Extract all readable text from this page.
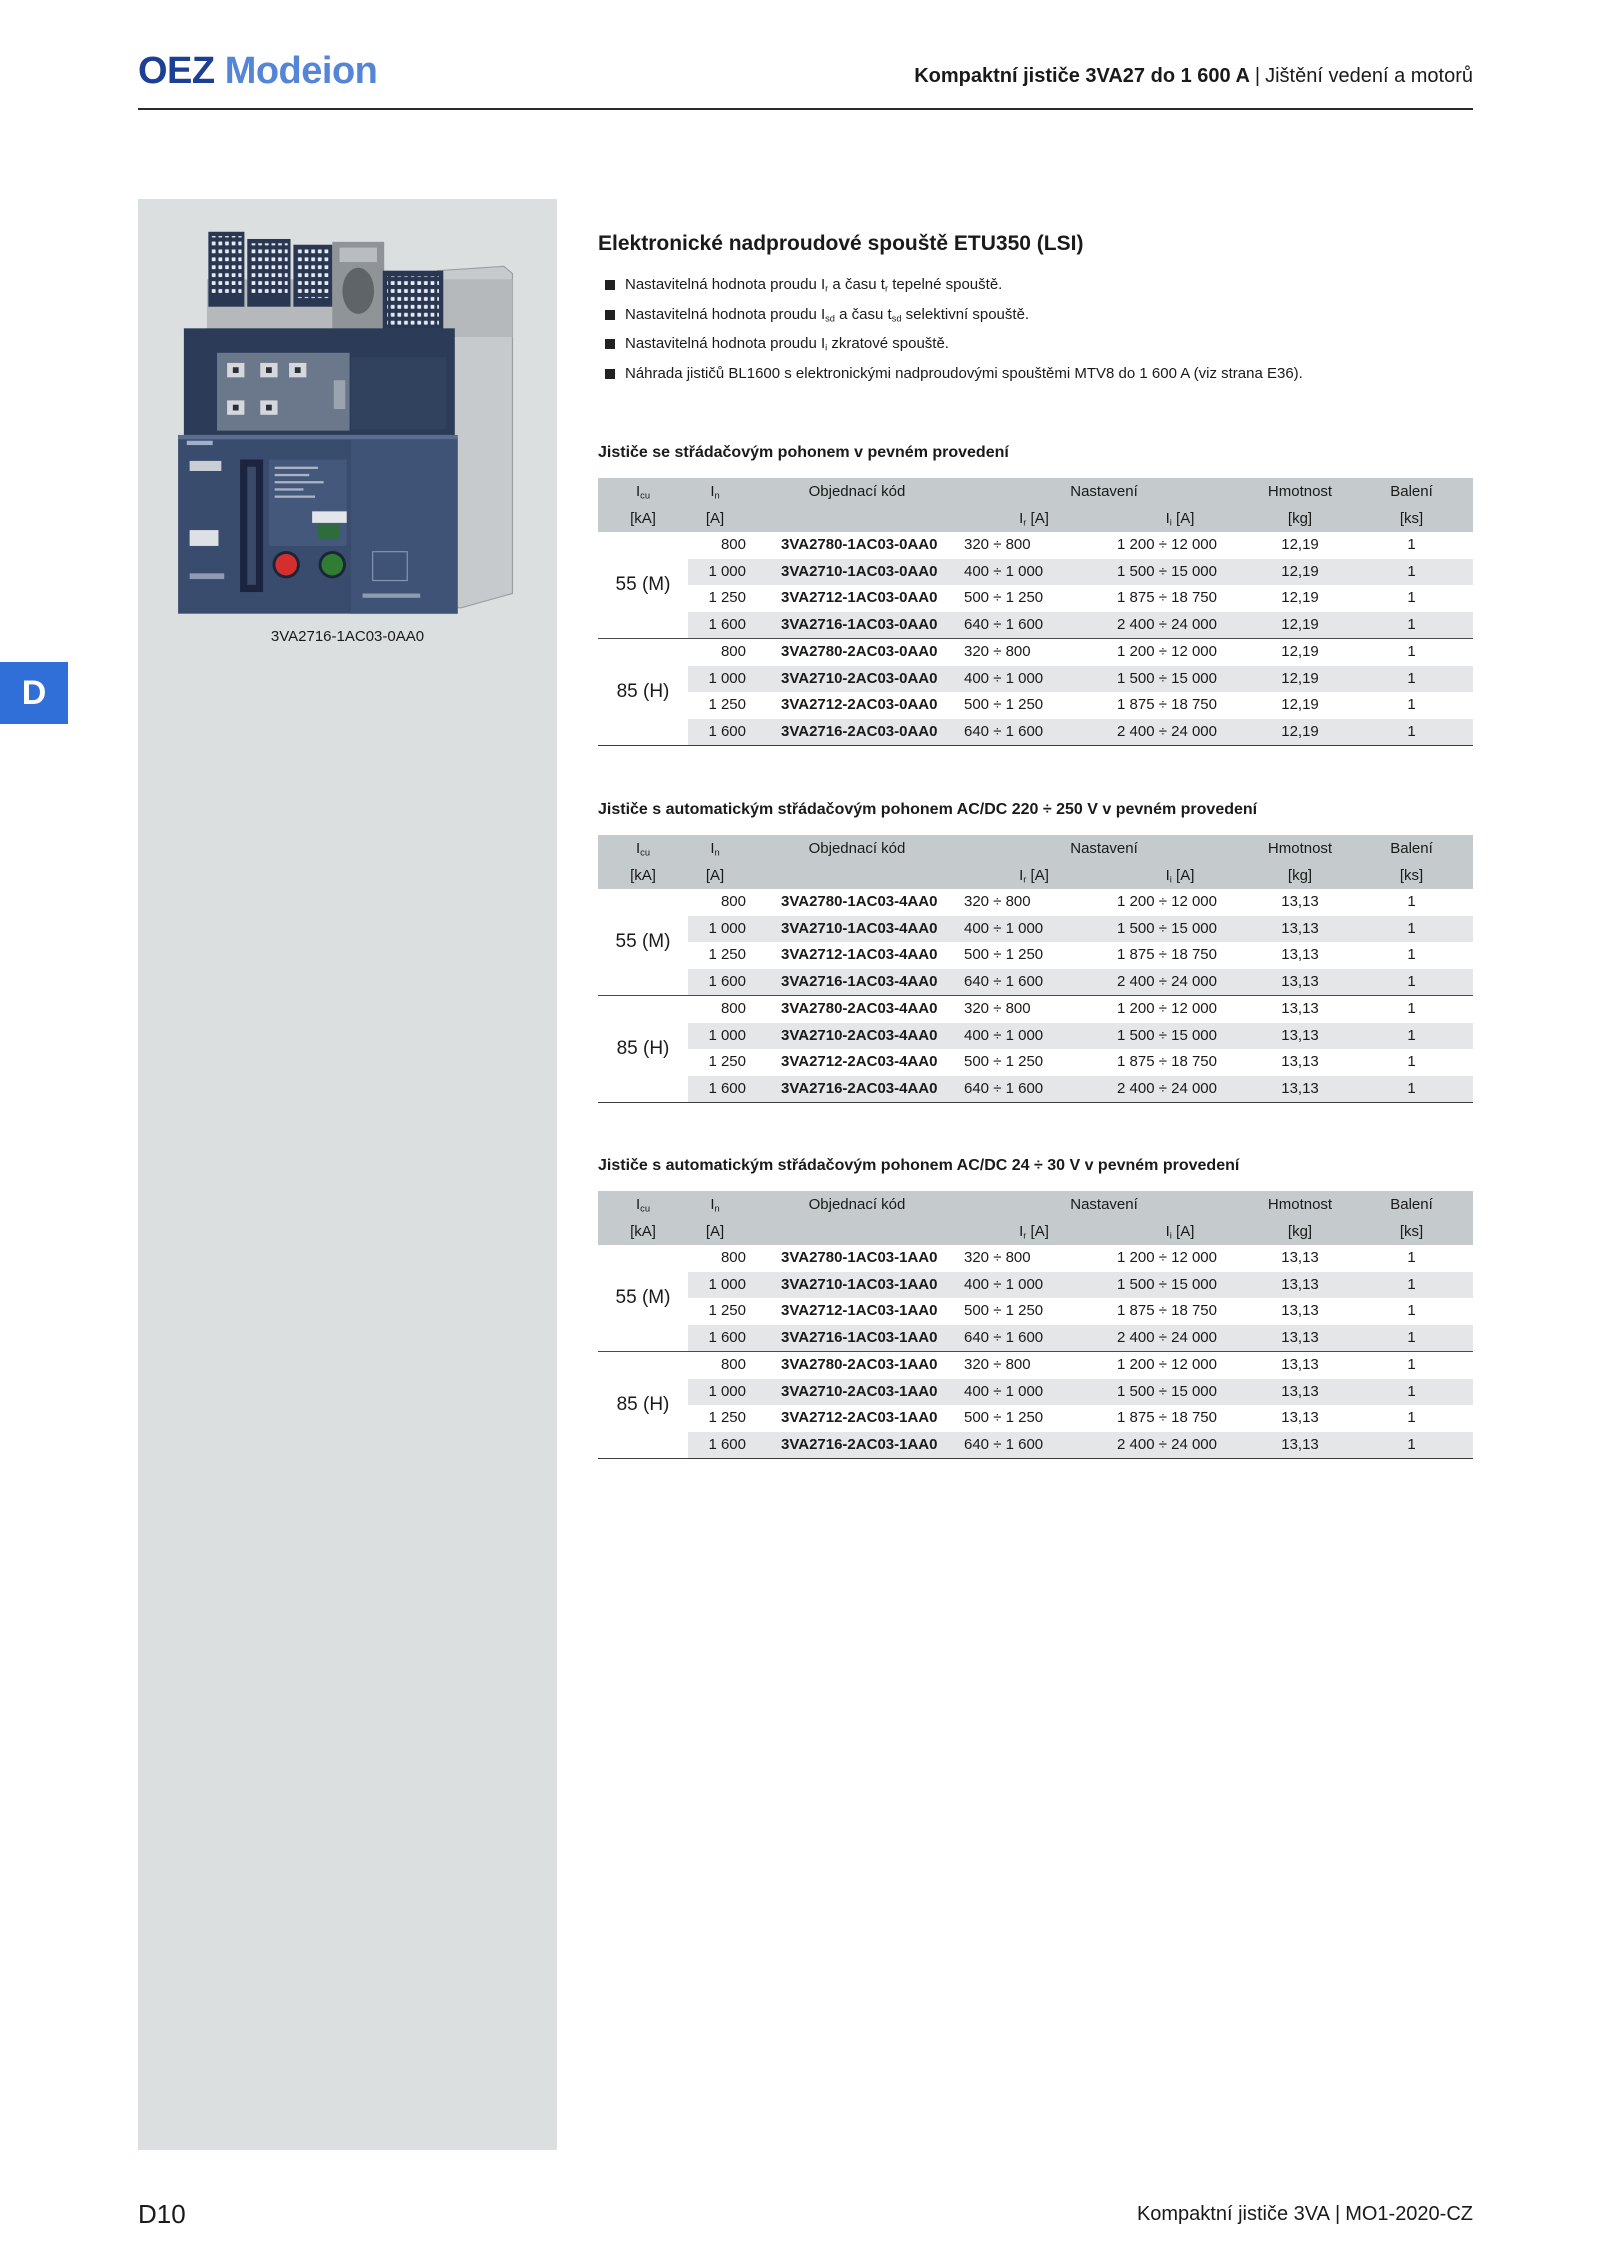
OEZ Modeion	Kompaktní jističe 3VA27 do 1 600 A | Jištění vedení a motorů
D
3VA2716-1AC03-0AA0
Elektronické nadproudové spouště ETU350 (LSI)
Nastavitelná hodnota proudu $I_r$ a času $t_r$ tepelné spouště.
Nastavitelná hodnota proudu $I_{sd}$ a času $t_{sd}$ selektivní spouště.
Nastavitelná hodnota proudu $I_i$ zkratové spouště.
Náhrada jističů BL1600 s elektronickými nadproudovými spouštěmi MTV8 do 1 600 A (viz strana E36).
Jističe se střádačovým pohonem v pevném provedení
$I_{cu}$	$I_n$	Objednací kód	Nastavení		Hmotnost	Balení
[kA]	[A]		$I_r$ [A]	$I_i$ [A]	[kg]	[ks]
55 (M)	800	3VA2780-1AC03-0AA0	320 ÷ 800	1 200 ÷ 12 000	12,19	1
	1 000	3VA2710-1AC03-0AA0	400 ÷ 1 000	1 500 ÷ 15 000	12,19	1
	1 250	3VA2712-1AC03-0AA0	500 ÷ 1 250	1 875 ÷ 18 750	12,19	1
	1 600	3VA2716-1AC03-0AA0	640 ÷ 1 600	2 400 ÷ 24 000	12,19	1
85 (H)	800	3VA2780-2AC03-0AA0	320 ÷ 800	1 200 ÷ 12 000	12,19	1
	1 000	3VA2710-2AC03-0AA0	400 ÷ 1 000	1 500 ÷ 15 000	12,19	1
	1 250	3VA2712-2AC03-0AA0	500 ÷ 1 250	1 875 ÷ 18 750	12,19	1
	1 600	3VA2716-2AC03-0AA0	640 ÷ 1 600	2 400 ÷ 24 000	12,19	1
Jističe s automatickým střádačovým pohonem AC/DC 220 ÷ 250 V v pevném provedení
$I_{cu}$	$I_n$	Objednací kód	Nastavení		Hmotnost	Balení
[kA]	[A]		$I_r$ [A]	$I_i$ [A]	[kg]	[ks]
55 (M)	800	3VA2780-1AC03-4AA0	320 ÷ 800	1 200 ÷ 12 000	13,13	1
	1 000	3VA2710-1AC03-4AA0	400 ÷ 1 000	1 500 ÷ 15 000	13,13	1
	1 250	3VA2712-1AC03-4AA0	500 ÷ 1 250	1 875 ÷ 18 750	13,13	1
	1 600	3VA2716-1AC03-4AA0	640 ÷ 1 600	2 400 ÷ 24 000	13,13	1
85 (H)	800	3VA2780-2AC03-4AA0	320 ÷ 800	1 200 ÷ 12 000	13,13	1
	1 000	3VA2710-2AC03-4AA0	400 ÷ 1 000	1 500 ÷ 15 000	13,13	1
	1 250	3VA2712-2AC03-4AA0	500 ÷ 1 250	1 875 ÷ 18 750	13,13	1
	1 600	3VA2716-2AC03-4AA0	640 ÷ 1 600	2 400 ÷ 24 000	13,13	1
Jističe s automatickým střádačovým pohonem AC/DC 24 ÷ 30 V v pevném provedení
$I_{cu}$	$I_n$	Objednací kód	Nastavení		Hmotnost	Balení
[kA]	[A]		$I_r$ [A]	$I_i$ [A]	[kg]	[ks]
55 (M)	800	3VA2780-1AC03-1AA0	320 ÷ 800	1 200 ÷ 12 000	13,13	1
	1 000	3VA2710-1AC03-1AA0	400 ÷ 1 000	1 500 ÷ 15 000	13,13	1
	1 250	3VA2712-1AC03-1AA0	500 ÷ 1 250	1 875 ÷ 18 750	13,13	1
	1 600	3VA2716-1AC03-1AA0	640 ÷ 1 600	2 400 ÷ 24 000	13,13	1
85 (H)	800	3VA2780-2AC03-1AA0	320 ÷ 800	1 200 ÷ 12 000	13,13	1
	1 000	3VA2710-2AC03-1AA0	400 ÷ 1 000	1 500 ÷ 15 000	13,13	1
	1 250	3VA2712-2AC03-1AA0	500 ÷ 1 250	1 875 ÷ 18 750	13,13	1
	1 600	3VA2716-2AC03-1AA0	640 ÷ 1 600	2 400 ÷ 24 000	13,13	1
D10	Kompaktní jističe 3VA | MO1-2020-CZ
